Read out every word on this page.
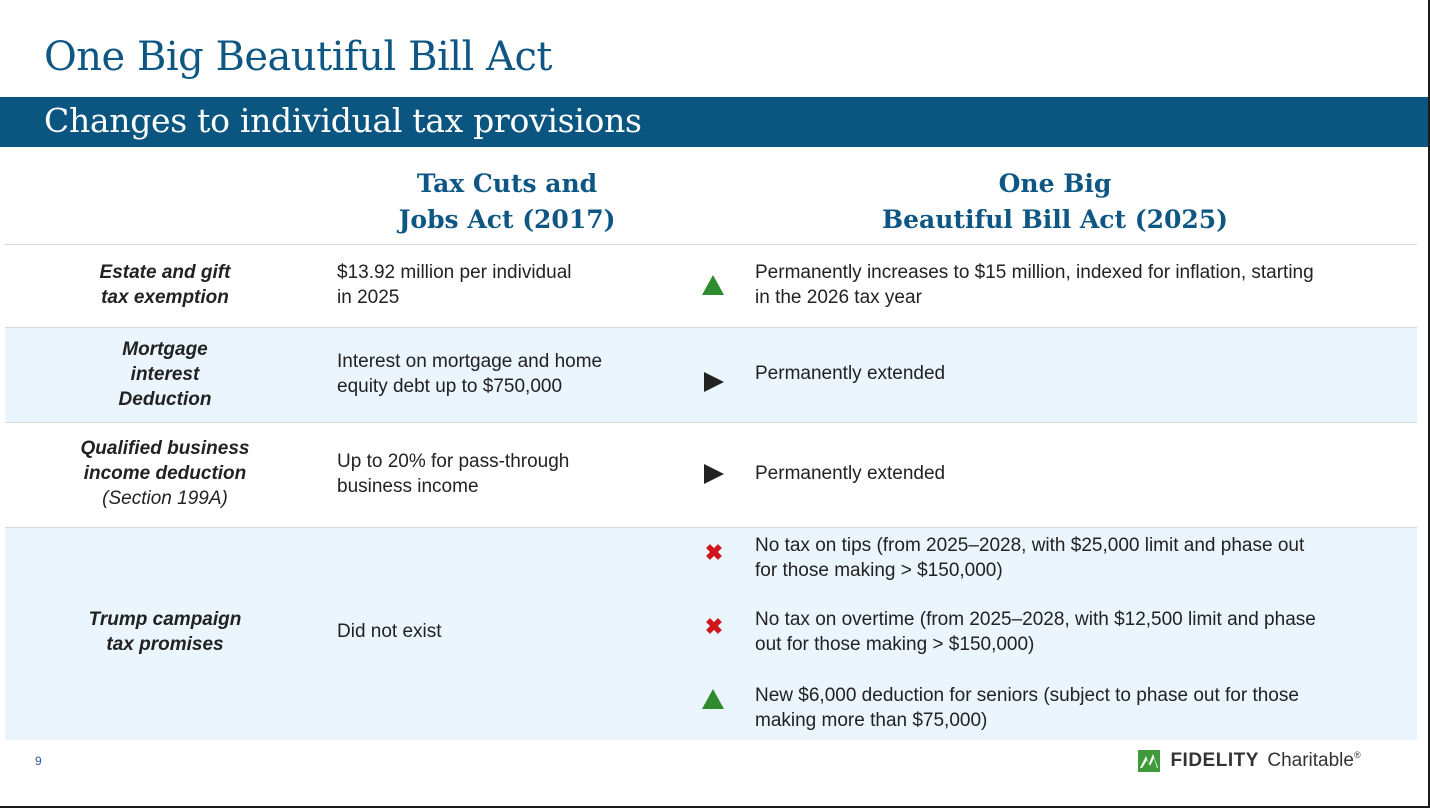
One Big Beautiful Bill Act
Changes to individual tax provisions
Tax Cuts and
Jobs Act (2017)
One Big
Beautiful Bill Act (2025)
Estate and gift
tax exemption
$13.92 million per individual
in 2025
Permanently increases to $15 million, indexed for inflation, starting
in the 2026 tax year
Mortgage
interest
Deduction
Interest on mortgage and home
equity debt up to $750,000
Permanently extended
Qualified business
income deduction
(Section 199A)
Up to 20% for pass-through
business income
Permanently extended
Trump campaign
tax promises
Did not exist
✖ No tax on tips (from 2025–2028, with $25,000 limit and phase out
for those making > $150,000)
✖ No tax on overtime (from 2025–2028, with $12,500 limit and phase
out for those making > $150,000)
New $6,000 deduction for seniors (subject to phase out for those
making more than $75,000)
9	FIDELITY Charitable®
